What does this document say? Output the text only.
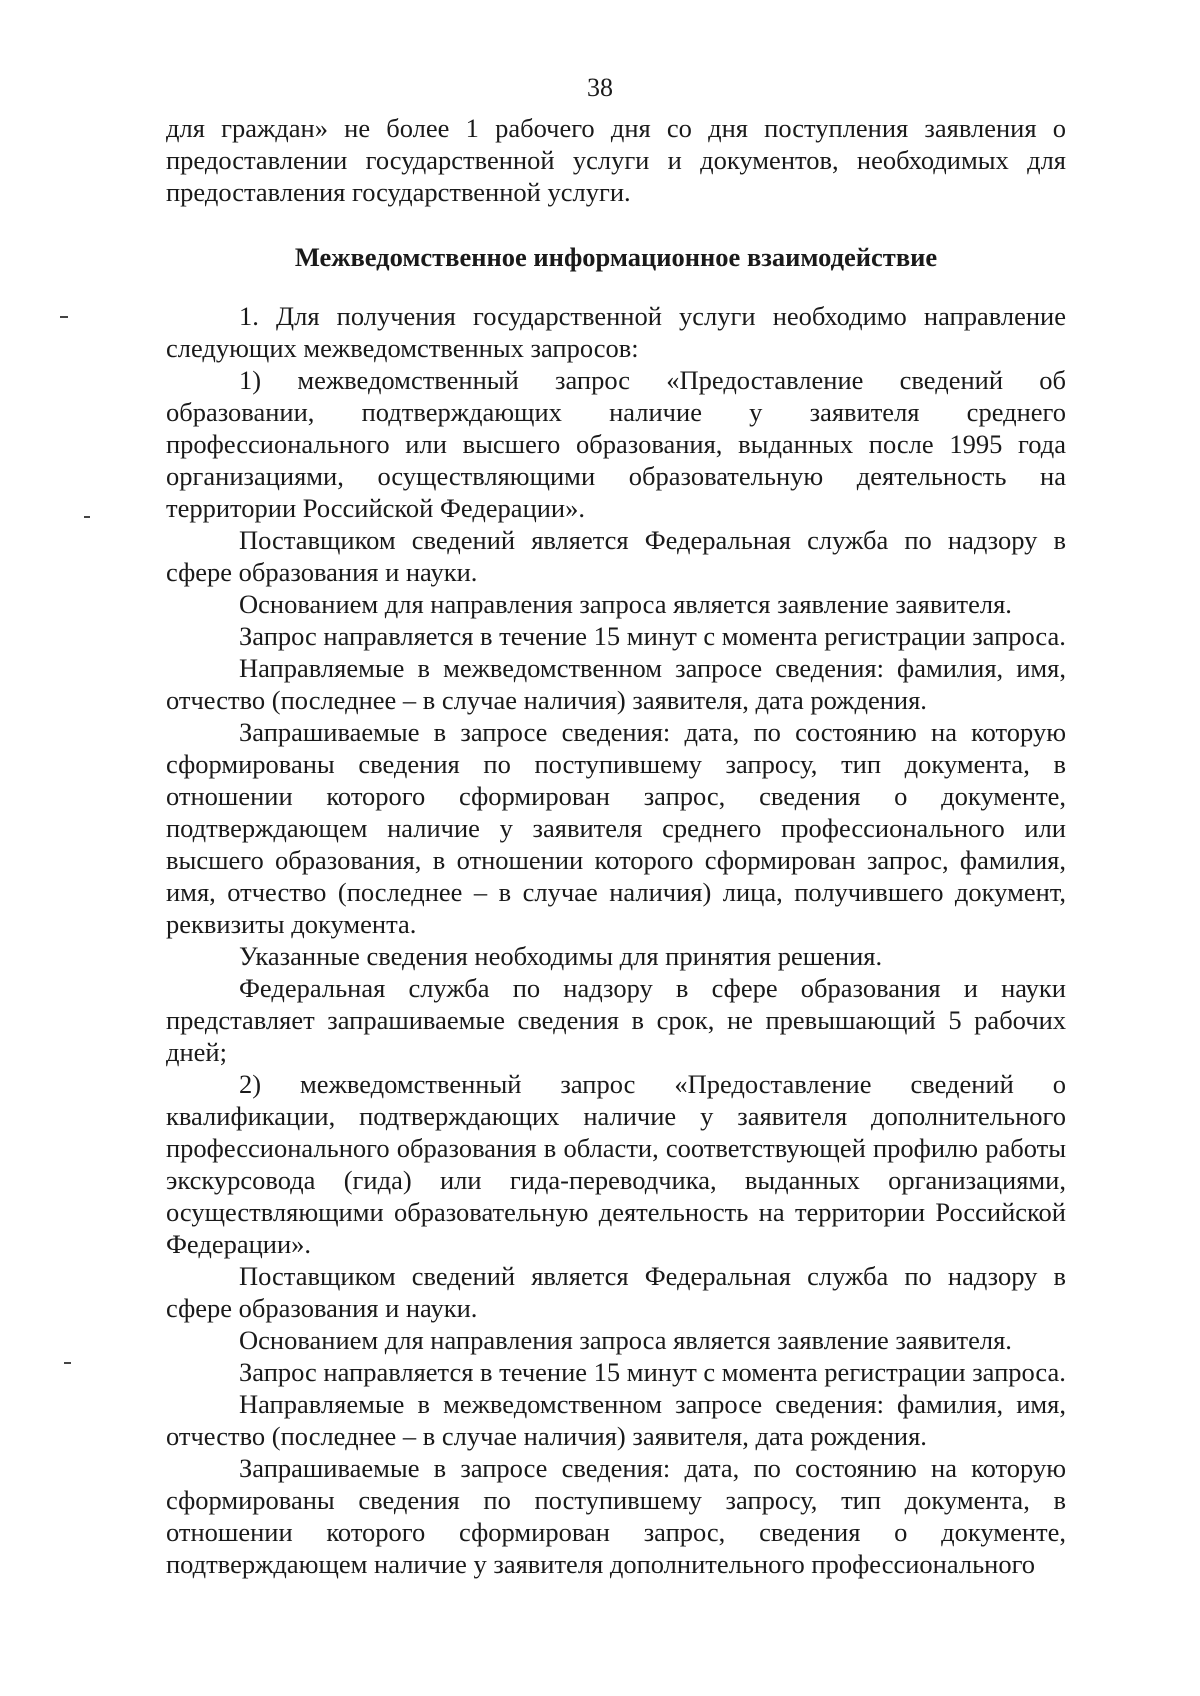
38

для граждан» не более 1 рабочего дня со дня поступления заявления о предоставлении государственной услуги и документов, необходимых для предоставления государственной услуги.

Межведомственное информационное взаимодействие

1. Для получения государственной услуги необходимо направление следующих межведомственных запросов:

1) межведомственный запрос «Предоставление сведений об образовании, подтверждающих наличие у заявителя среднего профессионального или высшего образования, выданных после 1995 года организациями, осуществляющими образовательную деятельность на территории Российской Федерации».

Поставщиком сведений является Федеральная служба по надзору в сфере образования и науки.

Основанием для направления запроса является заявление заявителя.

Запрос направляется в течение 15 минут с момента регистрации запроса.

Направляемые в межведомственном запросе сведения: фамилия, имя, отчество (последнее – в случае наличия) заявителя, дата рождения.

Запрашиваемые в запросе сведения: дата, по состоянию на которую сформированы сведения по поступившему запросу, тип документа, в отношении которого сформирован запрос, сведения о документе, подтверждающем наличие у заявителя среднего профессионального или высшего образования, в отношении которого сформирован запрос, фамилия, имя, отчество (последнее – в случае наличия) лица, получившего документ, реквизиты документа.

Указанные сведения необходимы для принятия решения.

Федеральная служба по надзору в сфере образования и науки представляет запрашиваемые сведения в срок, не превышающий 5 рабочих дней;

2) межведомственный запрос «Предоставление сведений о квалификации, подтверждающих наличие у заявителя дополнительного профессионального образования в области, соответствующей профилю работы экскурсовода (гида) или гида-переводчика, выданных организациями, осуществляющими образовательную деятельность на территории Российской Федерации».

Поставщиком сведений является Федеральная служба по надзору в сфере образования и науки.

Основанием для направления запроса является заявление заявителя.

Запрос направляется в течение 15 минут с момента регистрации запроса.

Направляемые в межведомственном запросе сведения: фамилия, имя, отчество (последнее – в случае наличия) заявителя, дата рождения.

Запрашиваемые в запросе сведения: дата, по состоянию на которую сформированы сведения по поступившему запросу, тип документа, в отношении которого сформирован запрос, сведения о документе, подтверждающем наличие у заявителя дополнительного профессионального
